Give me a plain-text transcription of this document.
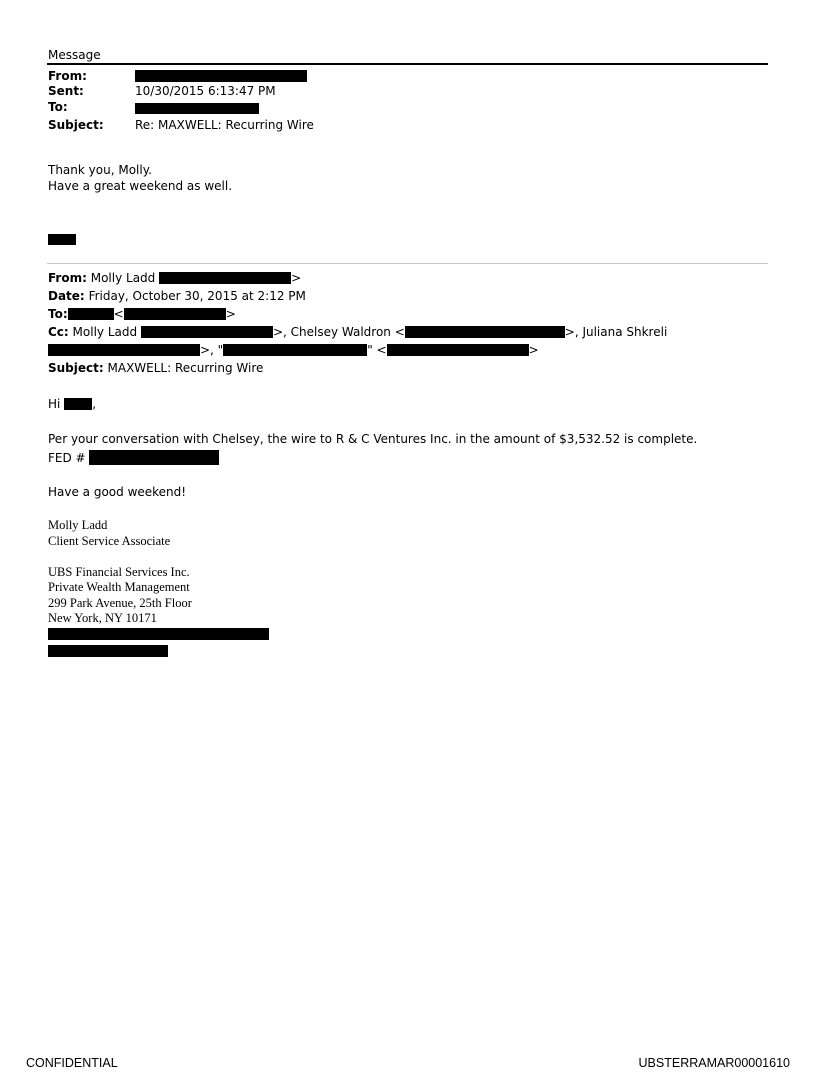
Message
From:
Sent:	10/30/2015 6:13:47 PM
To:
Subject:	Re: MAXWELL: Recurring Wire
Thank you, Molly.
Have a great weekend as well.
From: Molly Ladd	>
Date: Friday, October 30, 2015 at 2:12 PM
To:	<	>
Cc: Molly Ladd	>, Chelsey Waldron <	>, Juliana Shkreli
>, "	" <	>
Subject: MAXWELL: Recurring Wire
Hi	,
Per your conversation with Chelsey, the wire to R & C Ventures Inc. in the amount of $3,532.52 is complete.
FED #
Have a good weekend!
Molly Ladd
Client Service Associate
UBS Financial Services Inc.
Private Wealth Management
299 Park Avenue, 25th Floor
New York, NY 10171
CONFIDENTIAL	UBSTERRAMAR00001610
